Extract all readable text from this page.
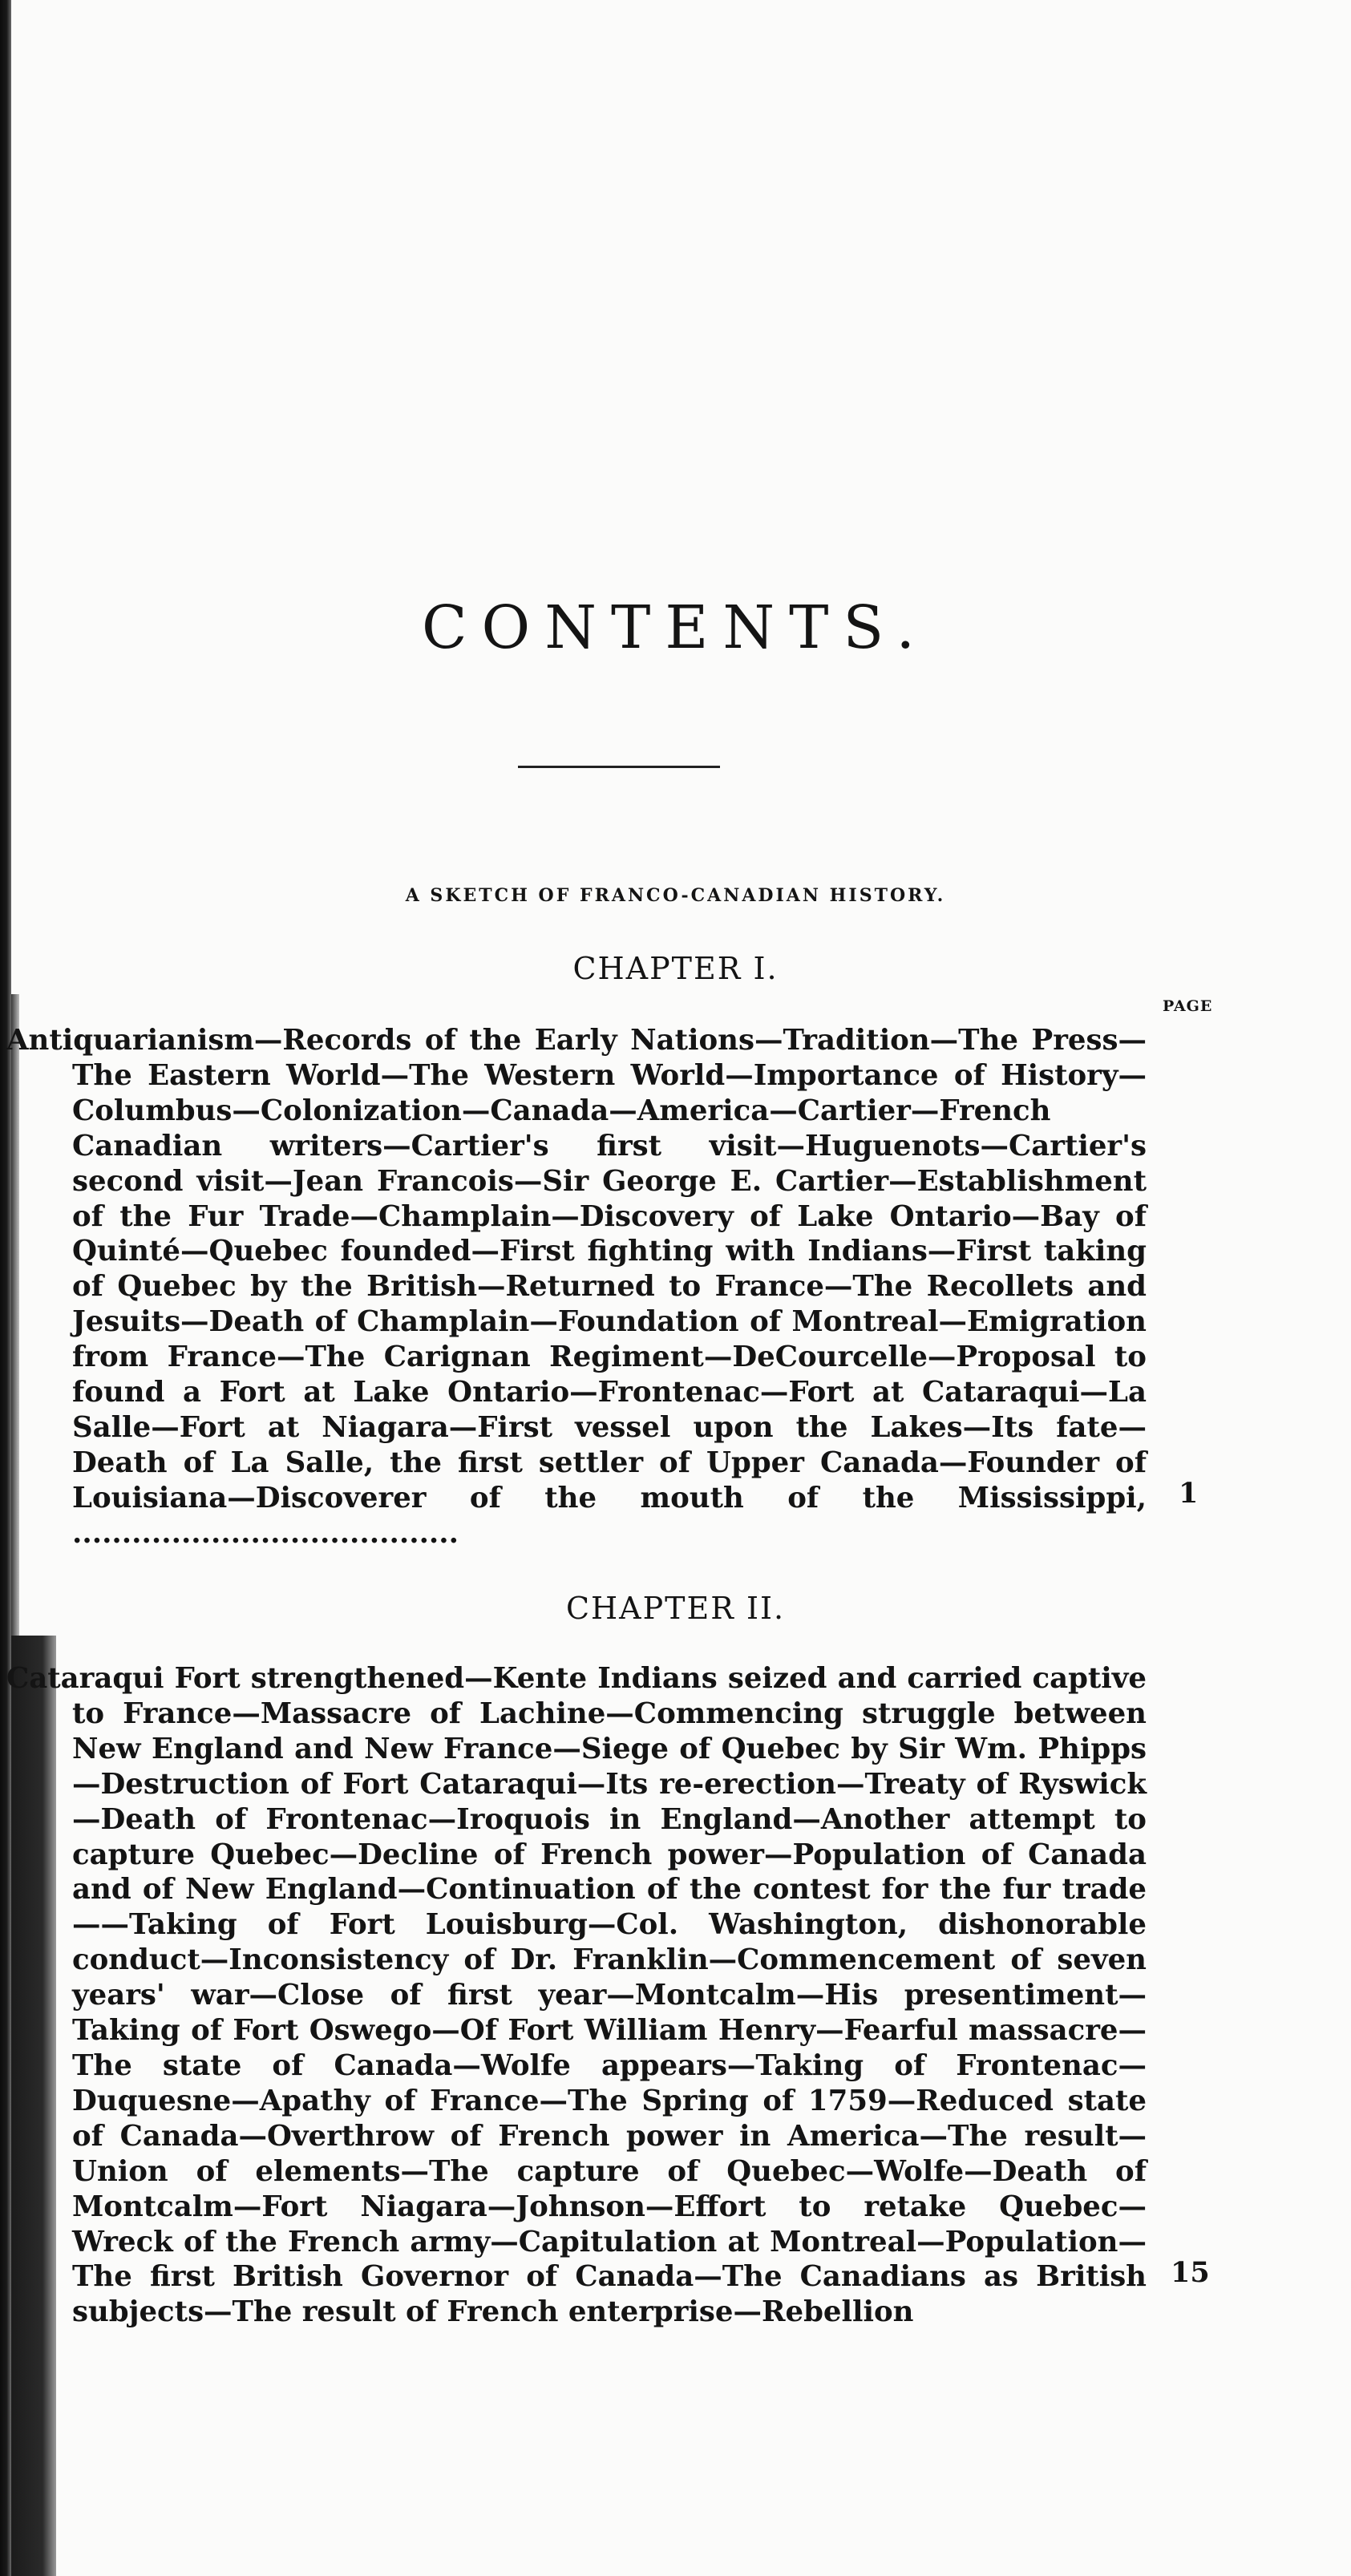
CONTENTS.

A SKETCH OF FRANCO-CANADIAN HISTORY.

CHAPTER I.
PAGE

Antiquarianism—Records of the Early Nations—Tradition—The Press—The Eastern World—The Western World—Importance of History—Columbus—Colonization—Canada—America—Cartier—French Canadian writers—Cartier's first visit—Huguenots—Cartier's second visit—Jean Francois—Sir George E. Cartier—Establishment of the Fur Trade—Champlain—Discovery of Lake Ontario—Bay of Quinté—Quebec founded—First fighting with Indians—First taking of Quebec by the British—Returned to France—The Recollets and Jesuits—Death of Champlain—Foundation of Montreal—Emigration from France—The Carignan Regiment—DeCourcelle—Proposal to found a Fort at Lake Ontario—Frontenac—Fort at Cataraqui—La Salle—Fort at Niagara—First vessel upon the Lakes—Its fate—Death of La Salle, the first settler of Upper Canada—Founder of Louisiana—Discoverer of the mouth of the Mississippi, .......................................

1
CHAPTER II.

Cataraqui Fort strengthened—Kente Indians seized and carried captive to France—Massacre of Lachine—Commencing struggle between New England and New France—Siege of Quebec by Sir Wm. Phipps—Destruction of Fort Cataraqui—Its re-erection—Treaty of Ryswick—Death of Frontenac—Iroquois in England—Another attempt to capture Quebec—Decline of French power—Population of Canada and of New England—Continuation of the contest for the fur trade——Taking of Fort Louisburg—Col. Washington, dishonorable conduct—Inconsistency of Dr. Franklin—Commencement of seven years' war—Close of first year—Montcalm—His presentiment—Taking of Fort Oswego—Of Fort William Henry—Fearful massacre—The state of Canada—Wolfe appears—Taking of Frontenac—Duquesne—Apathy of France—The Spring of 1759—Reduced state of Canada—Overthrow of French power in America—The result—Union of elements—The capture of Quebec—Wolfe—Death of Montcalm—Fort Niagara—Johnson—Effort to retake Quebec—Wreck of the French army—Capitulation at Montreal—Population—The first British Governor of Canada—The Canadians as British subjects—The result of French enterprise—Rebellion

15
